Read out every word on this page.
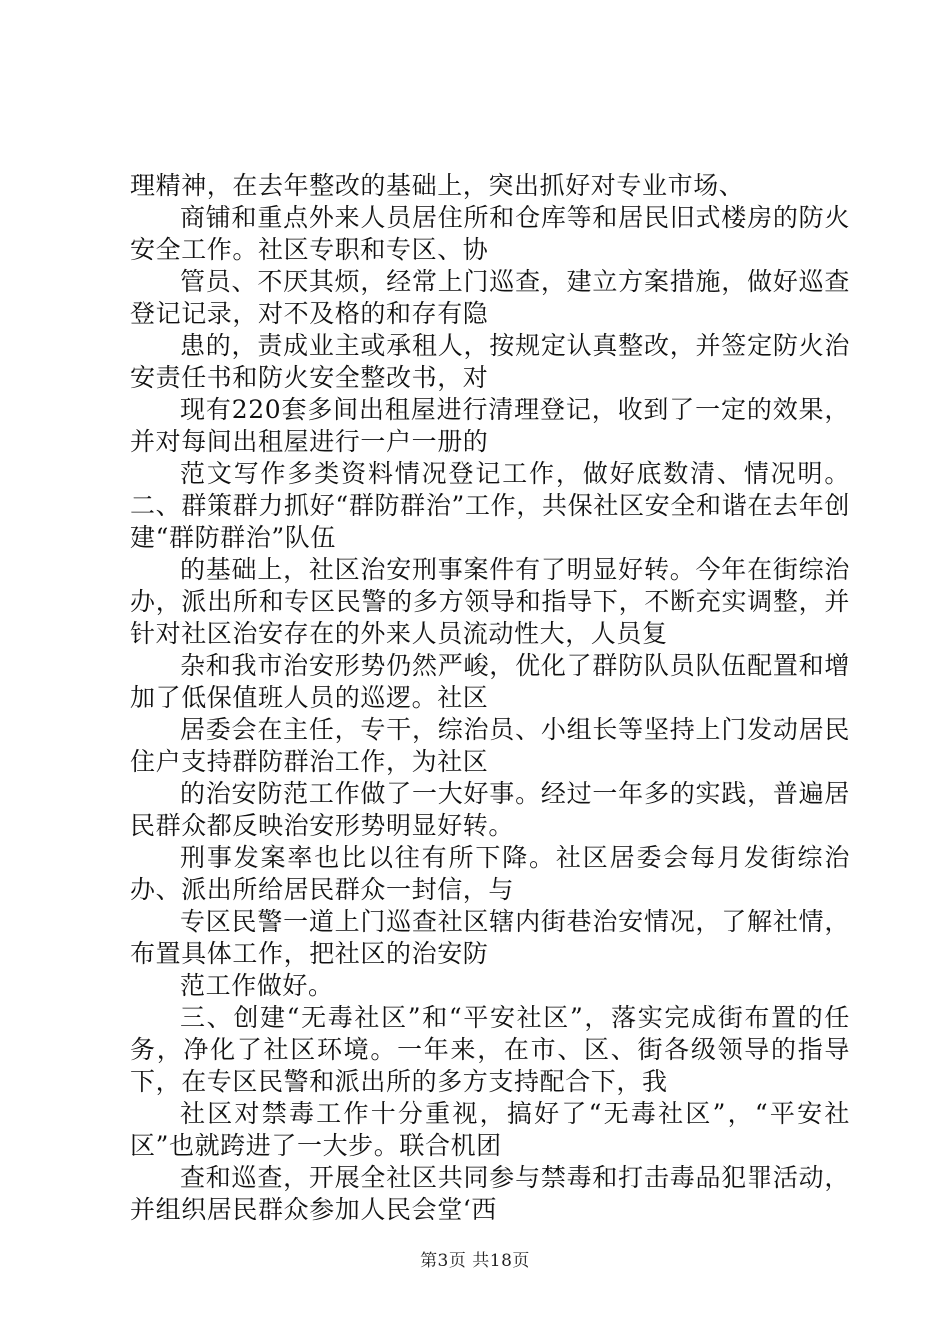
理精神，在去年整改的基础上，突出抓好对专业市场、

商铺和重点外来人员居住所和仓库等和居民旧式楼房的防火安全工作。社区专职和专区、协

管员、不厌其烦，经常上门巡查，建立方案措施，做好巡查登记记录，对不及格的和存有隐

患的，责成业主或承租人，按规定认真整改，并签定防火治安责任书和防火安全整改书，对

现有220套多间出租屋进行清理登记，收到了一定的效果，并对每间出租屋进行一户一册的

范文写作多类资料情况登记工作，做好底数清、情况明。二、群策群力抓好“群防群治”工作，共保社区安全和谐在去年创建“群防群治”队伍

的基础上，社区治安刑事案件有了明显好转。今年在街综治办，派出所和专区民警的多方领导和指导下，不断充实调整，并针对社区治安存在的外来人员流动性大，人员复

杂和我市治安形势仍然严峻，优化了群防队员队伍配置和增加了低保值班人员的巡逻。社区

居委会在主任，专干，综治员、小组长等坚持上门发动居民住户支持群防群治工作，为社区

的治安防范工作做了一大好事。经过一年多的实践，普遍居民群众都反映治安形势明显好转。

刑事发案率也比以往有所下降。社区居委会每月发街综治办、派出所给居民群众一封信，与

专区民警一道上门巡查社区辖内街巷治安情况，了解社情，布置具体工作，把社区的治安防

范工作做好。

三、创建“无毒社区”和“平安社区”，落实完成街布置的任务，净化了社区环境。一年来，在市、区、街各级领导的指导下，在专区民警和派出所的多方支持配合下，我

社区对禁毒工作十分重视，搞好了“无毒社区”，“平安社区”也就跨进了一大步。联合机团

查和巡查，开展全社区共同参与禁毒和打击毒品犯罪活动，并组织居民群众参加人民会堂‘西

第3页 共18页
